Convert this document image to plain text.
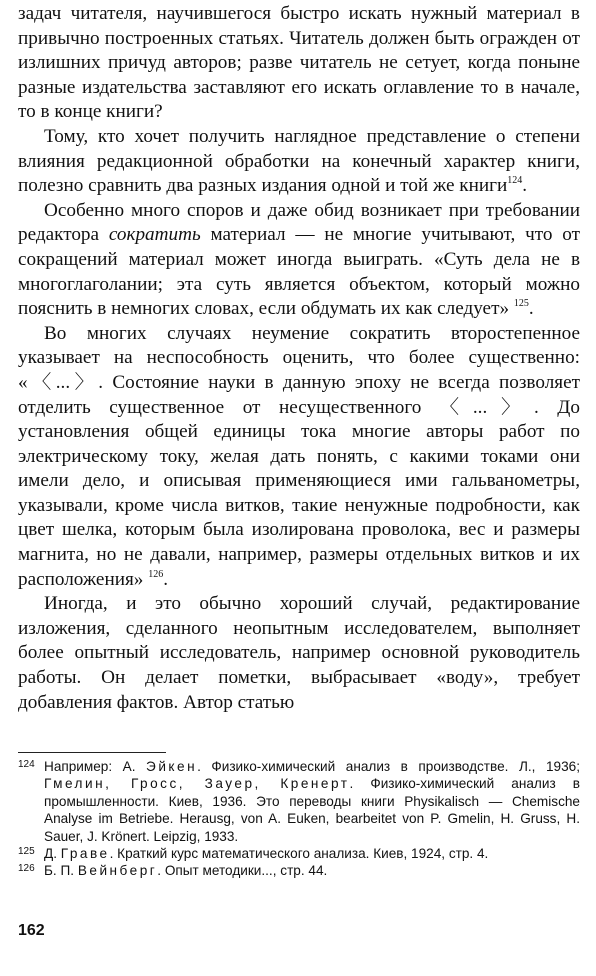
задач читателя, научившегося быстро искать нужный материал в привычно построенных статьях. Читатель должен быть огражден от излишних причуд авторов; разве читатель не сетует, когда поныне разные издательства заставляют его искать оглавление то в начале, то в конце книги?

Тому, кто хочет получить наглядное представление о степени влияния редакционной обработки на конечный характер книги, полезно сравнить два разных издания одной и той же книги$^{124}$.

Особенно много споров и даже обид возникает при требовании редактора сократить материал — не многие учитывают, что от сокращений материал может иногда выиграть. «Суть дела не в многоглаголании; эта суть является объектом, который можно пояснить в немногих словах, если обдумать их как следует» $^{125}$.

Во многих случаях неумение сократить второстепенное указывает на неспособность оценить, что более существенно: «〈...〉. Состояние науки в данную эпоху не всегда позволяет отделить существенное от несущественного 〈...〉. До установления общей единицы тока многие авторы работ по электрическому току, желая дать понять, с какими токами они имели дело, и описывая применяющиеся ими гальванометры, указывали, кроме числа витков, такие ненужные подробности, как цвет шелка, которым была изолирована проволока, вес и размеры магнита, но не давали, например, размеры отдельных витков и их расположения» $^{126}$.

Иногда, и это обычно хороший случай, редактирование изложения, сделанного неопытным исследователем, выполняет более опытный исследователь, например основной руководитель работы. Он делает пометки, выбрасывает «воду», требует добавления фактов. Автор статью

124 Например: А. Эйкен. Физико-химический анализ в производстве. Л., 1936; Гмелин, Гросс, Зауер, Кренерт. Физико-химический анализ в промышленности. Киев, 1936. Это переводы книги Physikalisch — Chemische Analyse im Betriebe. Herausg, von A. Euken, bearbeitet von P. Gmelin, H. Gruss, H. Sauer, J. Krönert. Leipzig, 1933.

125 Д. Граве. Краткий курс математического анализа. Киев, 1924, стр. 4.

126 Б. П. Вейнберг. Опыт методики..., стр. 44.

162
